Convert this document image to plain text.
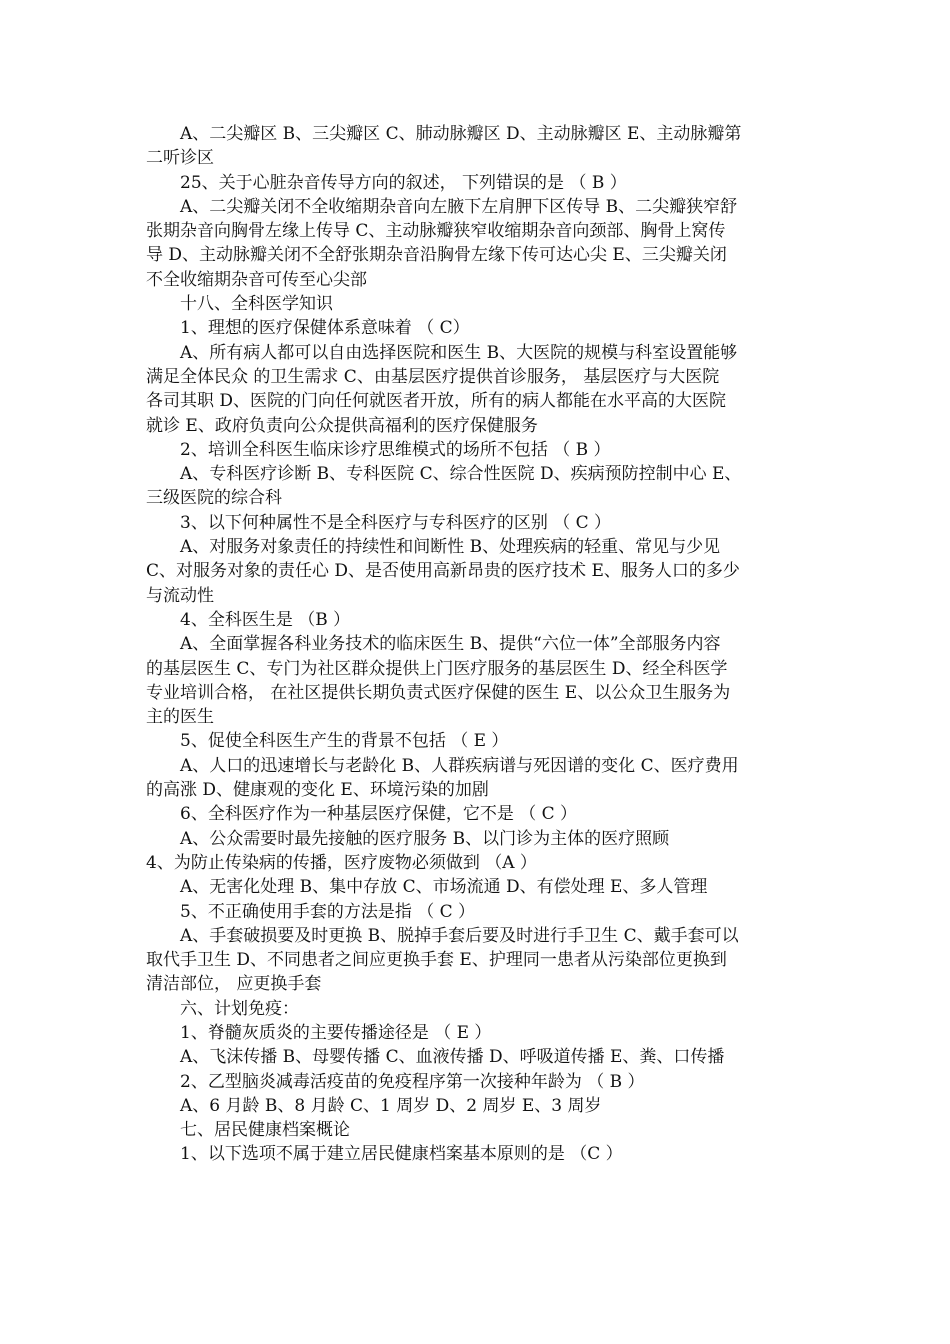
A、二尖瓣区 B、三尖瓣区 C、肺动脉瓣区 D、主动脉瓣区 E、主动脉瓣第
二听诊区
25、关于心脏杂音传导方向的叙述， 下列错误的是 （ B ）
A、二尖瓣关闭不全收缩期杂音向左腋下左肩胛下区传导 B、二尖瓣狭窄舒
张期杂音向胸骨左缘上传导 C、主动脉瓣狭窄收缩期杂音向颈部、胸骨上窝传
导 D、主动脉瓣关闭不全舒张期杂音沿胸骨左缘下传可达心尖 E、三尖瓣关闭
不全收缩期杂音可传至心尖部
十八、全科医学知识
1、理想的医疗保健体系意味着 （ C）
A、所有病人都可以自由选择医院和医生 B、大医院的规模与科室设置能够
满足全体民众 的卫生需求 C、由基层医疗提供首诊服务， 基层医疗与大医院
各司其职 D、医院的门向任何就医者开放，所有的病人都能在水平高的大医院
就诊 E、政府负责向公众提供高福利的医疗保健服务
2、培训全科医生临床诊疗思维模式的场所不包括 （ B ）
A、专科医疗诊断 B、专科医院 C、综合性医院 D、疾病预防控制中心 E、
三级医院的综合科
3、以下何种属性不是全科医疗与专科医疗的区别 （ C ）
A、对服务对象责任的持续性和间断性 B、处理疾病的轻重、常见与少见
C、对服务对象的责任心 D、是否使用高新昂贵的医疗技术 E、服务人口的多少
与流动性
4、全科医生是 （B ）
A、全面掌握各科业务技术的临床医生 B、提供“六位一体”全部服务内容
的基层医生 C、专门为社区群众提供上门医疗服务的基层医生 D、经全科医学
专业培训合格， 在社区提供长期负责式医疗保健的医生 E、以公众卫生服务为
主的医生
5、促使全科医生产生的背景不包括 （ E ）
A、人口的迅速增长与老龄化 B、人群疾病谱与死因谱的变化 C、医疗费用
的高涨 D、健康观的变化 E、环境污染的加剧
6、全科医疗作为一种基层医疗保健，它不是 （ C ）
A、公众需要时最先接触的医疗服务 B、以门诊为主体的医疗照顾
4、为防止传染病的传播，医疗废物必须做到 （A ）
A、无害化处理 B、集中存放 C、市场流通 D、有偿处理 E、多人管理
5、不正确使用手套的方法是指 （ C ）
A、手套破损要及时更换 B、脱掉手套后要及时进行手卫生 C、戴手套可以
取代手卫生 D、不同患者之间应更换手套 E、护理同一患者从污染部位更换到
清洁部位， 应更换手套
六、计划免疫：
1、脊髓灰质炎的主要传播途径是 （ E ）
A、飞沫传播 B、母婴传播 C、血液传播 D、呼吸道传播 E、粪、口传播
2、乙型脑炎减毒活疫苗的免疫程序第一次接种年龄为 （ B ）
A、6 月龄 B、8 月龄 C、1 周岁 D、2 周岁 E、3 周岁
七、居民健康档案概论
1、以下选项不属于建立居民健康档案基本原则的是 （C ）
